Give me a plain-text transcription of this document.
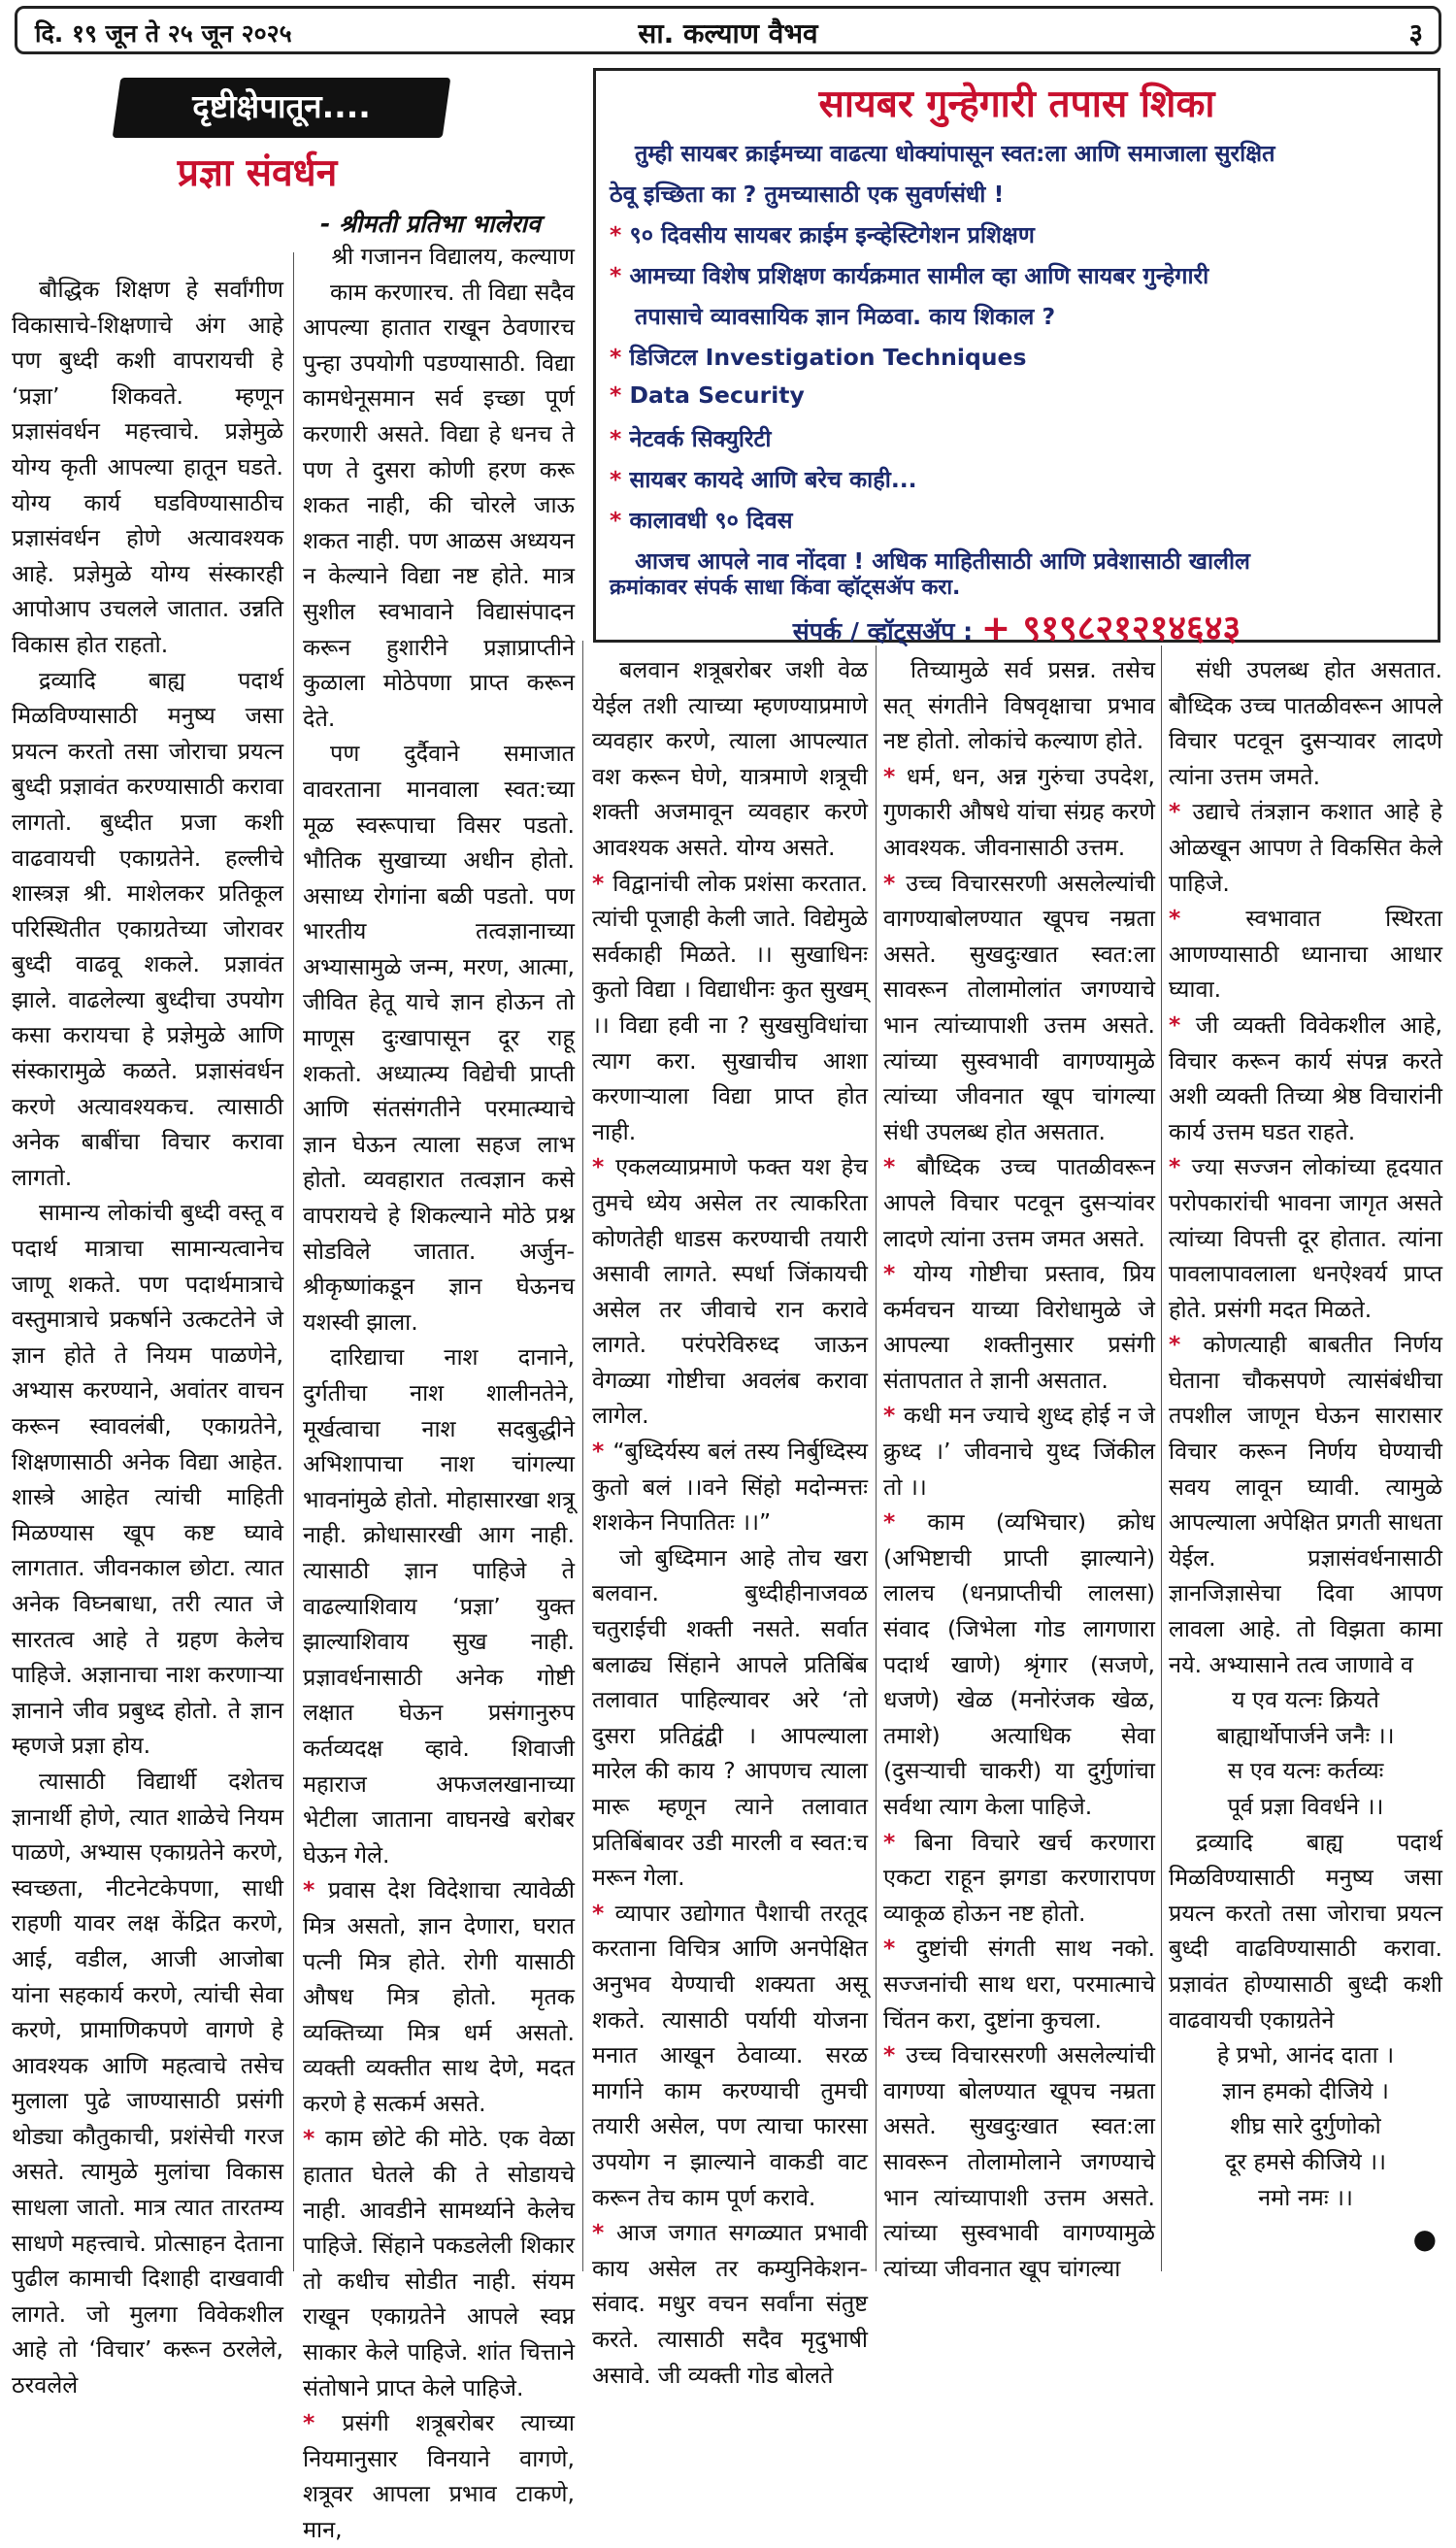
दि. १९ जून ते २५ जून २०२५	सा. कल्याण वैभव	३
दृष्टीक्षेपातून....
प्रज्ञा संवर्धन
- श्रीमती प्रतिभा भालेराव

बौद्धिक शिक्षण हे सर्वांगीण विकासाचे-शिक्षणाचे अंग आहे पण बुध्दी कशी वापरायची हे ‘प्रज्ञा’ शिकवते. म्हणून प्रज्ञासंवर्धन महत्त्वाचे. प्रज्ञेमुळे योग्य कृती आपल्या हातून घडते. योग्य कार्य घडविण्यासाठीच प्रज्ञासंवर्धन होणे अत्यावश्यक आहे. प्रज्ञेमुळे योग्य संस्कारही आपोआप उचलले जातात. उन्नति विकास होत राहतो.

द्रव्यादि बाह्य पदार्थ मिळविण्यासाठी मनुष्य जसा प्रयत्न करतो तसा जोराचा प्रयत्न बुध्दी प्रज्ञावंत करण्यासाठी करावा लागतो. बुध्दीत प्रजा कशी वाढवायची एकाग्रतेने. हल्लीचे शास्त्रज्ञ श्री. माशेलकर प्रतिकूल परिस्थितीत एकाग्रतेच्या जोरावर बुध्दी वाढवू शकले. प्रज्ञावंत झाले. वाढलेल्या बुध्दीचा उपयोग कसा करायचा हे प्रज्ञेमुळे आणि संस्कारामुळे कळते. प्रज्ञासंवर्धन करणे अत्यावश्यकच. त्यासाठी अनेक बाबींचा विचार करावा लागतो.

सामान्य लोकांची बुध्दी वस्तू व पदार्थ मात्राचा सामान्यत्वानेच जाणू शकते. पण पदार्थमात्राचे वस्तुमात्राचे प्रकर्षाने उत्कटतेने जे ज्ञान होते ते नियम पाळणेने, अभ्यास करण्याने, अवांतर वाचन करून स्वावलंबी, एकाग्रतेने, शिक्षणासाठी अनेक विद्या आहेत. शास्त्रे आहेत त्यांची माहिती मिळण्यास खूप कष्ट घ्यावे लागतात. जीवनकाल छोटा. त्यात अनेक विघ्नबाधा, तरी त्यात जे सारतत्व आहे ते ग्रहण केलेच पाहिजे. अज्ञानाचा नाश करणाऱ्या ज्ञानाने जीव प्रबुध्द होतो. ते ज्ञान म्हणजे प्रज्ञा होय.

त्यासाठी विद्यार्थी दशेतच ज्ञानार्थी होणे, त्यात शाळेचे नियम पाळणे, अभ्यास एकाग्रतेने करणे, स्वच्छता, नीटनेटकेपणा, साधी राहणी यावर लक्ष केंद्रित करणे, आई, वडील, आजी आजोबा यांना सहकार्य करणे, त्यांची सेवा करणे, प्रामाणिकपणे वागणे हे आवश्यक आणि महत्वाचे तसेच मुलाला पुढे जाण्यासाठी प्रसंगी थोड्या कौतुकाची, प्रशंसेची गरज असते. त्यामुळे मुलांचा विकास साधला जातो. मात्र त्यात तारतम्य साधणे महत्त्वाचे. प्रोत्साहन देताना पुढील कामाची दिशाही दाखवावी लागते. जो मुलगा विवेकशील आहे तो ‘विचार’ करून ठरलेले, ठरवलेले

श्री गजानन विद्यालय, कल्याण

काम करणारच. ती विद्या सदैव आपल्या हातात राखून ठेवणारच पुन्हा उपयोगी पडण्यासाठी. विद्या कामधेनूसमान सर्व इच्छा पूर्ण करणारी असते. विद्या हे धनच ते पण ते दुसरा कोणी हरण करू शकत नाही, की चोरले जाऊ शकत नाही. पण आळस अध्ययन न केल्याने विद्या नष्ट होते. मात्र सुशील स्वभावाने विद्यासंपादन करून हुशारीने प्रज्ञाप्राप्तीने कुळाला मोठेपणा प्राप्त करून देते.

पण दुर्दैवाने समाजात वावरताना मानवाला स्वत:च्या मूळ स्वरूपाचा विसर पडतो. भौतिक सुखाच्या अधीन होतो. असाध्य रोगांना बळी पडतो. पण भारतीय तत्वज्ञानाच्या अभ्यासामुळे जन्म, मरण, आत्मा, जीवित हेतू याचे ज्ञान होऊन तो माणूस दुःखापासून दूर राहू शकतो. अध्यात्म्य विद्येची प्राप्ती आणि संतसंगतीने परमात्म्याचे ज्ञान घेऊन त्याला सहज लाभ होतो. व्यवहारात तत्वज्ञान कसे वापरायचे हे शिकल्याने मोठे प्रश्न सोडविले जातात. अर्जुन-श्रीकृष्णांकडून ज्ञान घेऊनच यशस्वी झाला.

दारिद्याचा नाश दानाने, दुर्गतीचा नाश शालीनतेने, मूर्खत्वाचा नाश सदबुद्धीने अभिशापाचा नाश चांगल्या भावनांमुळे होतो. मोहासारखा शत्रू नाही. क्रोधासारखी आग नाही. त्यासाठी ज्ञान पाहिजे ते वाढल्याशिवाय ‘प्रज्ञा’ युक्त झाल्याशिवाय सुख नाही. प्रज्ञावर्धनासाठी अनेक गोष्टी लक्षात घेऊन प्रसंगानुरुप कर्तव्यदक्ष व्हावे. शिवाजी महाराज अफजलखानाच्या भेटीला जाताना वाघनखे बरोबर घेऊन गेले.

* प्रवास देश विदेशाचा त्यावेळी मित्र असतो, ज्ञान देणारा, घरात पत्नी मित्र होते. रोगी यासाठी औषध मित्र होतो. मृतक व्यक्तिच्या मित्र धर्म असतो. व्यक्ती व्यक्तीत साथ देणे, मदत करणे हे सत्कर्म असते.

* काम छोटे की मोठे. एक वेळा हातात घेतले की ते सोडायचे नाही. आवडीने सामर्थ्याने केलेच पाहिजे. सिंहाने पकडलेली शिकार तो कधीच सोडीत नाही. संयम राखून एकाग्रतेने आपले स्वप्न साकार केले पाहिजे. शांत चित्ताने संतोषाने प्राप्त केले पाहिजे.

* प्रसंगी शत्रूबरोबर त्याच्या नियमानुसार विनयाने वागणे, शत्रूवर आपला प्रभाव टाकणे, मान,

बलवान शत्रूबरोबर जशी वेळ येईल तशी त्याच्या म्हणण्याप्रमाणे व्यवहार करणे, त्याला आपल्यात वश करून घेणे, यात्रमाणे शत्रूची शक्ती अजमावून व्यवहार करणे आवश्यक असते. योग्य असते.

* विद्वानांची लोक प्रशंसा करतात. त्यांची पूजाही केली जाते. विद्येमुळे सर्वकाही मिळते. ।। सुखाधिनः कुतो विद्या । विद्याधीनः कुत सुखम् ।। विद्या हवी ना ? सुखसुविधांचा त्याग करा. सुखाचीच आशा करणाऱ्याला विद्या प्राप्त होत नाही.

* एकलव्याप्रमाणे फक्त यश हेच तुमचे ध्येय असेल तर त्याकरिता कोणतेही धाडस करण्याची तयारी असावी लागते. स्पर्धा जिंकायची असेल तर जीवाचे रान करावे लागते. परंपरेविरुध्द जाऊन वेगळ्या गोष्टीचा अवलंब करावा लागेल.

* “बुध्दिर्यस्य बलं तस्य निर्बुध्दिस्य कुतो बलं ।।वने सिंहो मदोन्मत्तः शशकेन निपातितः ।।”

जो बुध्दिमान आहे तोच खरा बलवान. बुध्दीहीनाजवळ चतुराईची शक्ती नसते. सर्वात बलाढ्य सिंहाने आपले प्रतिबिंब तलावात पाहिल्यावर अरे ‘तो दुसरा प्रतिद्वंद्वी । आपल्याला मारेल की काय ? आपणच त्याला मारू म्हणून त्याने तलावात प्रतिबिंबावर उडी मारली व स्वत:च मरून गेला.

* व्यापार उद्योगात पैशाची तरतूद करताना विचित्र आणि अनपेक्षित अनुभव येण्याची शक्यता असू शकते. त्यासाठी पर्यायी योजना मनात आखून ठेवाव्या. सरळ मार्गाने काम करण्याची तुमची तयारी असेल, पण त्याचा फारसा उपयोग न झाल्याने वाकडी वाट करून तेच काम पूर्ण करावे.

* आज जगात सगळ्यात प्रभावी काय असेल तर कम्युनिकेशन-संवाद. मधुर वचन सर्वांना संतुष्ट करते. त्यासाठी सदैव मृदुभाषी असावे. जी व्यक्ती गोड बोलते

तिच्यामुळे सर्व प्रसन्न. तसेच सत् संगतीने विषवृक्षाचा प्रभाव नष्ट होतो. लोकांचे कल्याण होते.

* धर्म, धन, अन्न गुरुंचा उपदेश, गुणकारी औषधे यांचा संग्रह करणे आवश्यक. जीवनासाठी उत्तम.

* उच्च विचारसरणी असलेल्यांची वागण्याबोलण्यात खूपच नम्रता असते. सुखदुःखात स्वत:ला सावरून तोलामोलांत जगण्याचे भान त्यांच्यापाशी उत्तम असते. त्यांच्या सुस्वभावी वागण्यामुळे त्यांच्या जीवनात खूप चांगल्या संधी उपलब्ध होत असतात.

* बौध्दिक उच्च पातळीवरून आपले विचार पटवून दुसऱ्यांवर लादणे त्यांना उत्तम जमत असते.

* योग्य गोष्टीचा प्रस्ताव, प्रिय कर्मवचन याच्या विरोधामुळे जे आपल्या शक्तीनुसार प्रसंगी संतापतात ते ज्ञानी असतात.

* कधी मन ज्याचे शुध्द होई न जे क्रुध्द ।’ जीवनाचे युध्द जिंकील तो ।।

* काम (व्यभिचार) क्रोध (अभिष्टाची प्राप्ती झाल्याने) लालच (धनप्राप्तीची लालसा) संवाद (जिभेला गोड लागणारा पदार्थ खाणे) श्रृंगार (सजणे, धजणे) खेळ (मनोरंजक खेळ, तमाशे) अत्याधिक सेवा (दुसऱ्याची चाकरी) या दुर्गुणांचा सर्वथा त्याग केला पाहिजे.

* बिना विचारे खर्च करणारा एकटा राहून झगडा करणारापण व्याकूळ होऊन नष्ट होतो.

* दुष्टांची संगती साथ नको. सज्जनांची साथ धरा, परमात्माचे चिंतन करा, दुष्टांना कुचला.

* उच्च विचारसरणी असलेल्यांची वागण्या बोलण्यात खूपच नम्रता असते. सुखदुःखात स्वत:ला सावरून तोलामोलाने जगण्याचे भान त्यांच्यापाशी उत्तम असते. त्यांच्या सुस्वभावी वागण्यामुळे त्यांच्या जीवनात खूप चांगल्या

संधी उपलब्ध होत असतात. बौध्दिक उच्च पातळीवरून आपले विचार पटवून दुसऱ्यावर लादणे त्यांना उत्तम जमते.

* उद्याचे तंत्रज्ञान कशात आहे हे ओळखून आपण ते विकसित केले पाहिजे.

* स्वभावात स्थिरता आणण्यासाठी ध्यानाचा आधार घ्यावा.

* जी व्यक्ती विवेकशील आहे, विचार करून कार्य संपन्न करते अशी व्यक्ती तिच्या श्रेष्ठ विचारांनी कार्य उत्तम घडत राहते.

* ज्या सज्जन लोकांच्या हृदयात परोपकारांची भावना जागृत असते त्यांच्या विपत्ती दूर होतात. त्यांना पावलापावलाला धनऐश्वर्य प्राप्त होते. प्रसंगी मदत मिळते.

* कोणत्याही बाबतीत निर्णय घेताना चौकसपणे त्यासंबंधीचा तपशील जाणून घेऊन सारासार विचार करून निर्णय घेण्याची सवय लावून घ्यावी. त्यामुळे आपल्याला अपेक्षित प्रगती साधता येईल. प्रज्ञासंवर्धनासाठी ज्ञानजिज्ञासेचा दिवा आपण लावला आहे. तो विझता कामा नये. अभ्यासाने तत्व जाणावे व

य एव यत्नः क्रियते

बाह्यार्थोपार्जने जनैः ।।

स एव यत्नः कर्तव्यः

पूर्व प्रज्ञा विवर्धने ।।

द्रव्यादि बाह्य पदार्थ मिळविण्यासाठी मनुष्य जसा प्रयत्न करतो तसा जोराचा प्रयत्न बुध्दी वाढविण्यासाठी करावा. प्रज्ञावंत होण्यासाठी बुध्दी कशी वाढवायची एकाग्रतेने

हे प्रभो, आनंद दाता ।

ज्ञान हमको दीजिये ।

शीघ्र सारे दुर्गुणोको

दूर हमसे कीजिये ।।

नमो नमः ।।

सायबर गुन्हेगारी तपास शिका
तुम्ही सायबर क्राईमच्या वाढत्या धोक्यांपासून स्वत:ला आणि समाजाला सुरक्षित
ठेवू इच्छिता का ? तुमच्यासाठी एक सुवर्णसंधी !
* ९० दिवसीय सायबर क्राईम इन्व्हेस्टिगेशन प्रशिक्षण
* आमच्या विशेष प्रशिक्षण कार्यक्रमात सामील व्हा आणि सायबर गुन्हेगारी
तपासाचे व्यावसायिक ज्ञान मिळवा. काय शिकाल ?
* डिजिटल Investigation Techniques
* Data Security
* नेटवर्क सिक्युरिटी
* सायबर कायदे आणि बरेच काही...
* कालावधी ९० दिवस
आजच आपले नाव नोंदवा ! अधिक माहितीसाठी आणि प्रवेशासाठी खालील
क्रमांकावर संपर्क साधा किंवा व्हॉट्सॲप करा.
संपर्क / व्हॉट्सॲप : + ९१९८२१२१४६४३
●
